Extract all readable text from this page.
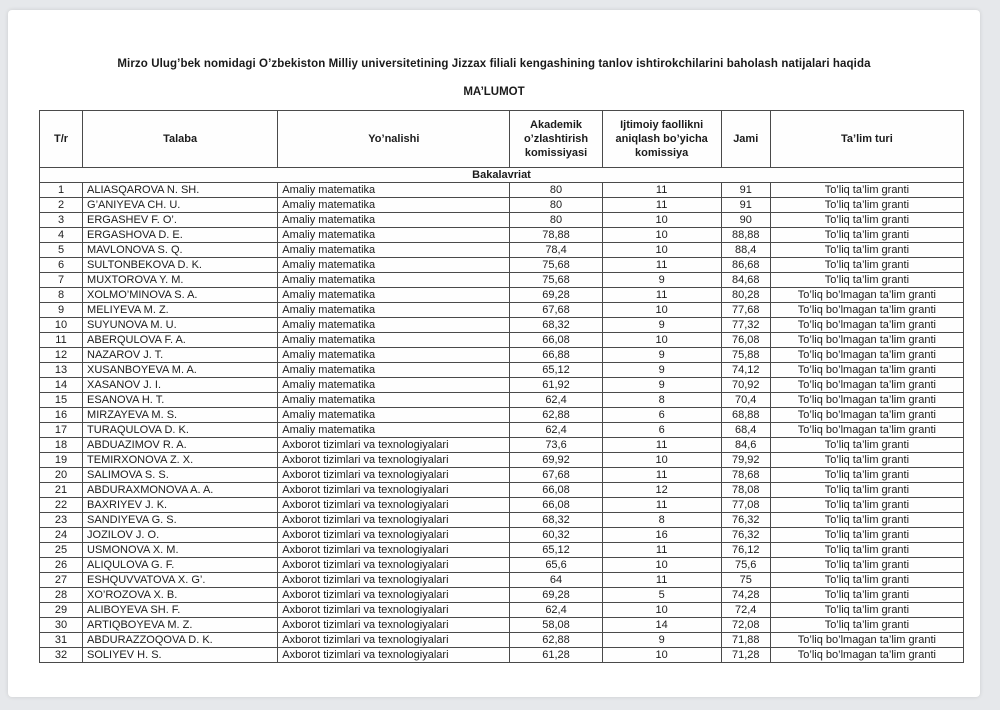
Mirzo Ulug’bek nomidagi O’zbekiston Milliy universitetining Jizzax filiali kengashining tanlov ishtirokchilarini baholash natijalari haqida
MA’LUMOT
T/r	Talaba	Yo’nalishi	Akademik o’zlashtirish komissiyasi	Ijtimoiy faollikni aniqlash bo’yicha komissiya	Jami	Ta’lim turi
Bakalavriat						
1	ALIASQAROVA N. SH.	Amaliy matematika	80	11	91	To’liq ta’lim granti
2	G’ANIYEVA CH. U.	Amaliy matematika	80	11	91	To’liq ta’lim granti
3	ERGASHEV F. O’.	Amaliy matematika	80	10	90	To’liq ta’lim granti
4	ERGASHOVA D. E.	Amaliy matematika	78,88	10	88,88	To’liq ta’lim granti
5	MAVLONOVA S. Q.	Amaliy matematika	78,4	10	88,4	To’liq ta’lim granti
6	SULTONBEKOVA D. K.	Amaliy matematika	75,68	11	86,68	To’liq ta’lim granti
7	MUXTOROVA Y. M.	Amaliy matematika	75,68	9	84,68	To’liq ta’lim granti
8	XOLMO’MINOVA S. A.	Amaliy matematika	69,28	11	80,28	To’liq bo’lmagan ta’lim granti
9	MELIYEVA M. Z.	Amaliy matematika	67,68	10	77,68	To’liq bo’lmagan ta’lim granti
10	SUYUNOVA M. U.	Amaliy matematika	68,32	9	77,32	To’liq bo’lmagan ta’lim granti
11	ABERQULOVA F. A.	Amaliy matematika	66,08	10	76,08	To’liq bo’lmagan ta’lim granti
12	NAZAROV J. T.	Amaliy matematika	66,88	9	75,88	To’liq bo’lmagan ta’lim granti
13	XUSANBOYEVA M. A.	Amaliy matematika	65,12	9	74,12	To’liq bo’lmagan ta’lim granti
14	XASANOV J. I.	Amaliy matematika	61,92	9	70,92	To’liq bo’lmagan ta’lim granti
15	ESANOVA H. T.	Amaliy matematika	62,4	8	70,4	To’liq bo’lmagan ta’lim granti
16	MIRZAYEVA M. S.	Amaliy matematika	62,88	6	68,88	To’liq bo’lmagan ta’lim granti
17	TURAQULOVA D. K.	Amaliy matematika	62,4	6	68,4	To’liq bo’lmagan ta’lim granti
18	ABDUAZIMOV R. A.	Axborot tizimlari va texnologiyalari	73,6	11	84,6	To’liq ta’lim granti
19	TEMIRXONOVA Z. X.	Axborot tizimlari va texnologiyalari	69,92	10	79,92	To’liq ta’lim granti
20	SALIMOVA S. S.	Axborot tizimlari va texnologiyalari	67,68	11	78,68	To’liq ta’lim granti
21	ABDURAXMONOVA A. A.	Axborot tizimlari va texnologiyalari	66,08	12	78,08	To’liq ta’lim granti
22	BAXRIYEV J. K.	Axborot tizimlari va texnologiyalari	66,08	11	77,08	To’liq ta’lim granti
23	SANDIYEVA G. S.	Axborot tizimlari va texnologiyalari	68,32	8	76,32	To’liq ta’lim granti
24	JOZILOV J. O.	Axborot tizimlari va texnologiyalari	60,32	16	76,32	To’liq ta’lim granti
25	USMONOVA X. M.	Axborot tizimlari va texnologiyalari	65,12	11	76,12	To’liq ta’lim granti
26	ALIQULOVA G. F.	Axborot tizimlari va texnologiyalari	65,6	10	75,6	To’liq ta’lim granti
27	ESHQUVVATOVA X. G’.	Axborot tizimlari va texnologiyalari	64	11	75	To’liq ta’lim granti
28	XO’ROZOVA X. B.	Axborot tizimlari va texnologiyalari	69,28	5	74,28	To’liq ta’lim granti
29	ALIBOYEVA SH. F.	Axborot tizimlari va texnologiyalari	62,4	10	72,4	To’liq ta’lim granti
30	ARTIQBOYEVA M. Z.	Axborot tizimlari va texnologiyalari	58,08	14	72,08	To’liq ta’lim granti
31	ABDURAZZOQOVA D. K.	Axborot tizimlari va texnologiyalari	62,88	9	71,88	To’liq bo’lmagan ta’lim granti
32	SOLIYEV H. S.	Axborot tizimlari va texnologiyalari	61,28	10	71,28	To’liq bo’lmagan ta’lim granti
